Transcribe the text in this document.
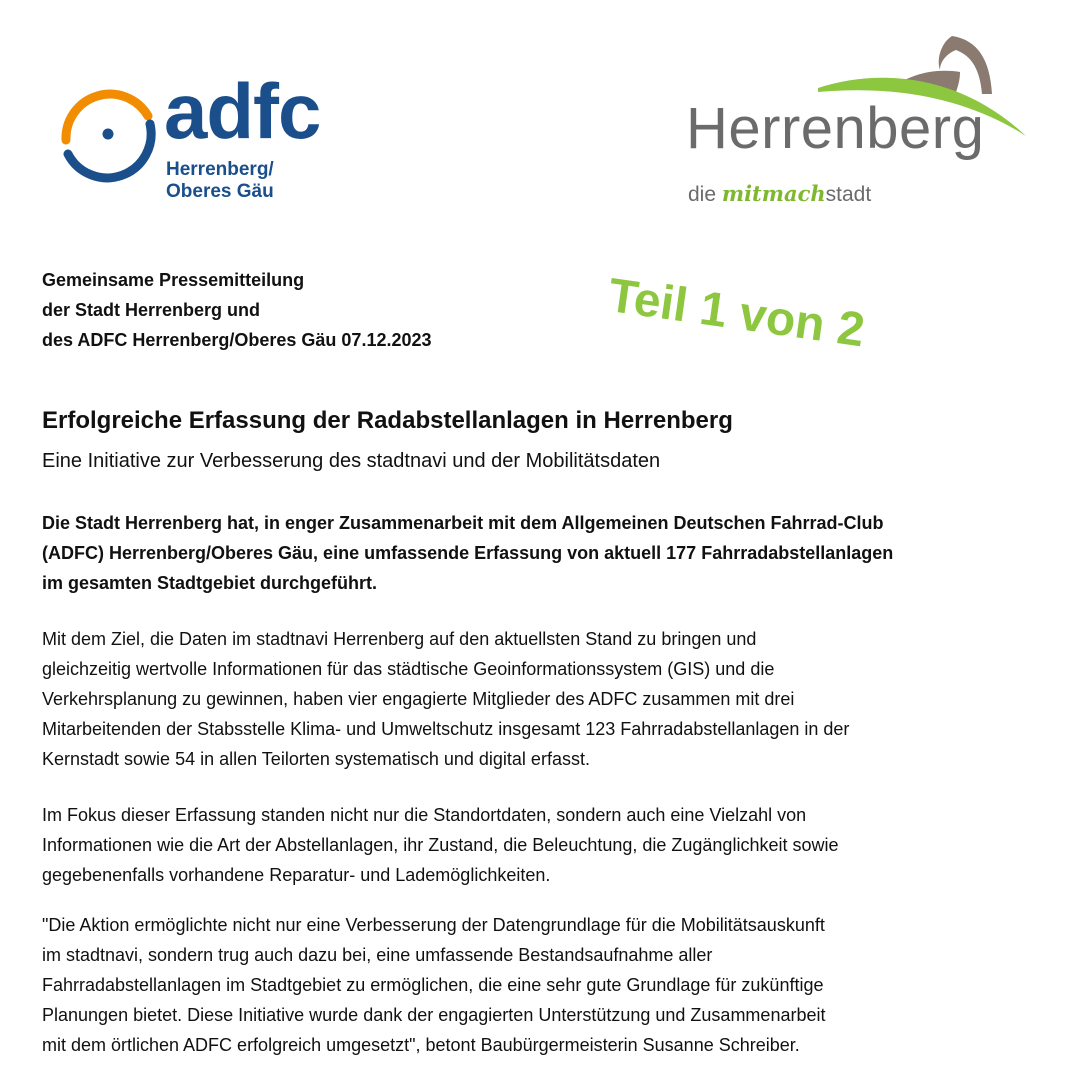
adfc
Herrenberg/
Oberes Gäu
Herrenberg
die mitmachstadt
Teil 1 von 2
Gemeinsame Pressemitteilung
der Stadt Herrenberg und
des ADFC Herrenberg/Oberes Gäu 07.12.2023
Erfolgreiche Erfassung der Radabstellanlagen in Herrenberg
Eine Initiative zur Verbesserung des stadtnavi und der Mobilitätsdaten
Die Stadt Herrenberg hat, in enger Zusammenarbeit mit dem Allgemeinen Deutschen Fahrrad-Club
(ADFC) Herrenberg/Oberes Gäu, eine umfassende Erfassung von aktuell 177 Fahrradabstellanlagen
im gesamten Stadtgebiet durchgeführt.
Mit dem Ziel, die Daten im stadtnavi Herrenberg auf den aktuellsten Stand zu bringen und
gleichzeitig wertvolle Informationen für das städtische Geoinformationssystem (GIS) und die
Verkehrsplanung zu gewinnen, haben vier engagierte Mitglieder des ADFC zusammen mit drei
Mitarbeitenden der Stabsstelle Klima- und Umweltschutz insgesamt 123 Fahrradabstellanlagen in der
Kernstadt sowie 54 in allen Teilorten systematisch und digital erfasst.
Im Fokus dieser Erfassung standen nicht nur die Standortdaten, sondern auch eine Vielzahl von
Informationen wie die Art der Abstellanlagen, ihr Zustand, die Beleuchtung, die Zugänglichkeit sowie
gegebenenfalls vorhandene Reparatur- und Lademöglichkeiten.
"Die Aktion ermöglichte nicht nur eine Verbesserung der Datengrundlage für die Mobilitätsauskunft
im stadtnavi, sondern trug auch dazu bei, eine umfassende Bestandsaufnahme aller
Fahrradabstellanlagen im Stadtgebiet zu ermöglichen, die eine sehr gute Grundlage für zukünftige
Planungen bietet. Diese Initiative wurde dank der engagierten Unterstützung und Zusammenarbeit
mit dem örtlichen ADFC erfolgreich umgesetzt", betont Baubürgermeisterin Susanne Schreiber.
